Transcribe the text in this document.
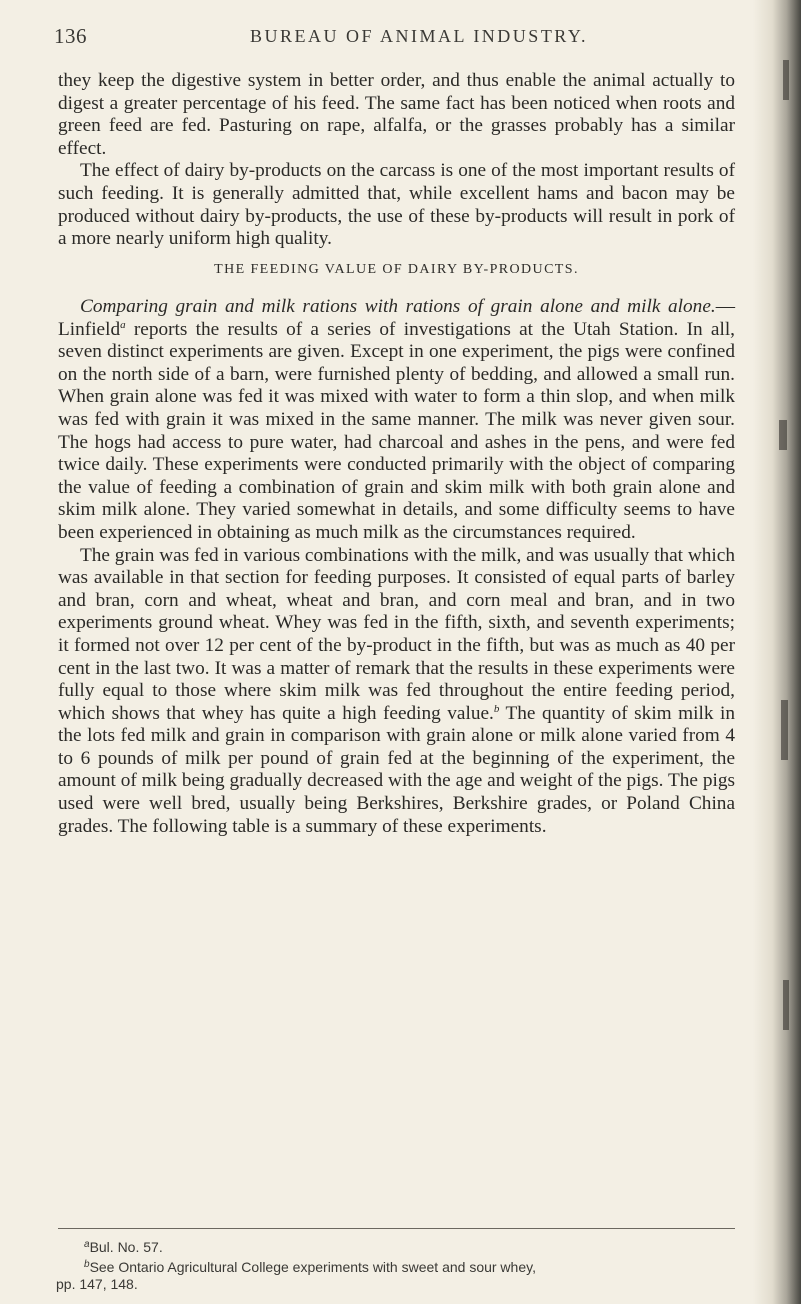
136	BUREAU OF ANIMAL INDUSTRY.

they keep the digestive system in better order, and thus enable the animal actually to digest a greater percentage of his feed. The same fact has been noticed when roots and green feed are fed. Pasturing on rape, alfalfa, or the grasses probably has a similar effect.

The effect of dairy by-products on the carcass is one of the most important results of such feeding. It is generally admitted that, while excellent hams and bacon may be produced without dairy by-products, the use of these by-products will result in pork of a more nearly uniform high quality.

THE FEEDING VALUE OF DAIRY BY-PRODUCTS.

Comparing grain and milk rations with rations of grain alone and milk alone.—Linfield$^a$ reports the results of a series of investigations at the Utah Station. In all, seven distinct experiments are given. Except in one experiment, the pigs were confined on the north side of a barn, were furnished plenty of bedding, and allowed a small run. When grain alone was fed it was mixed with water to form a thin slop, and when milk was fed with grain it was mixed in the same manner. The milk was never given sour. The hogs had access to pure water, had charcoal and ashes in the pens, and were fed twice daily. These experiments were conducted primarily with the object of comparing the value of feeding a combination of grain and skim milk with both grain alone and skim milk alone. They varied somewhat in details, and some difficulty seems to have been experienced in obtaining as much milk as the circumstances required.

The grain was fed in various combinations with the milk, and was usually that which was available in that section for feeding purposes. It consisted of equal parts of barley and bran, corn and wheat, wheat and bran, and corn meal and bran, and in two experiments ground wheat. Whey was fed in the fifth, sixth, and seventh experiments; it formed not over 12 per cent of the by-product in the fifth, but was as much as 40 per cent in the last two. It was a matter of remark that the results in these experiments were fully equal to those where skim milk was fed throughout the entire feeding period, which shows that whey has quite a high feeding value.$^b$ The quantity of skim milk in the lots fed milk and grain in comparison with grain alone or milk alone varied from 4 to 6 pounds of milk per pound of grain fed at the beginning of the experiment, the amount of milk being gradually decreased with the age and weight of the pigs. The pigs used were well bred, usually being Berkshires, Berkshire grades, or Poland China grades. The following table is a summary of these experiments.

$^a$Bul. No. 57.

$^b$See Ontario Agricultural College experiments with sweet and sour whey,

pp. 147, 148.
